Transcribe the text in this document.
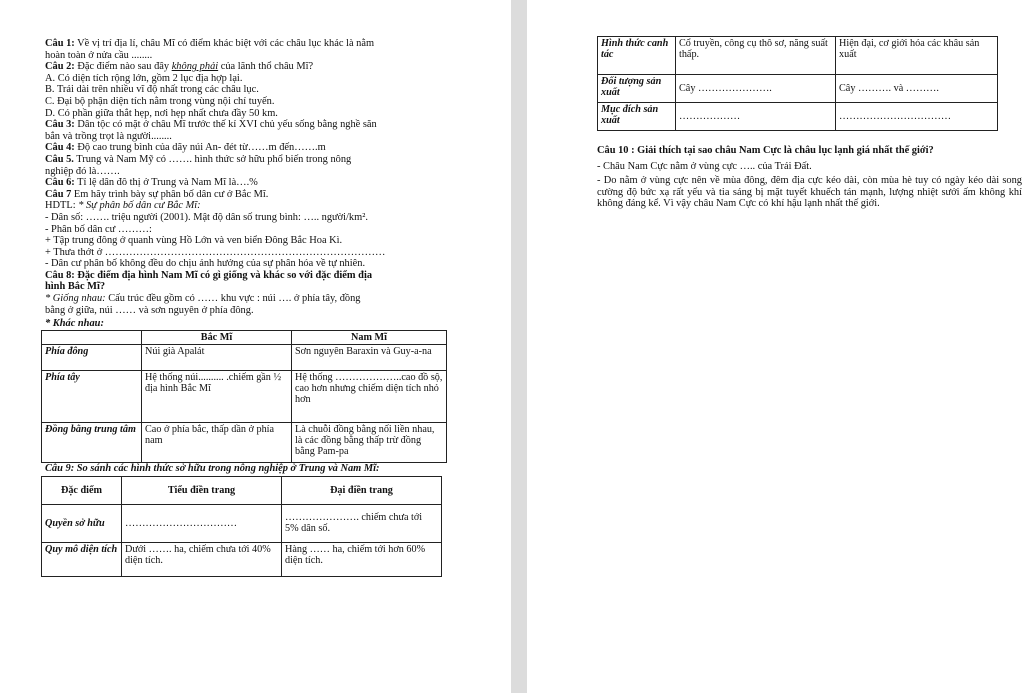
Câu 1: Về vị trí địa lí, châu Mĩ có điểm khác biệt với các châu lục khác là nằm
hoàn toàn ở nửa cầu ........
Câu 2: Đặc điểm nào sau đây không phải của lãnh thổ châu Mĩ?
A. Có diện tích rộng lớn, gồm 2 lục địa hợp lại.
B. Trải dài trên nhiều vĩ độ nhất trong các châu lục.
C. Đại bộ phận diện tích nằm trong vùng nội chí tuyến.
D. Có phần giữa thắt hẹp, nơi hẹp nhất chưa đầy 50 km.
Câu 3: Dân tộc có mặt ở châu Mĩ trước thế kỉ XVI chủ yếu sống bằng nghề săn
bắn và trồng trọt là người........
Câu 4: Độ cao trung bình của dãy núi An- đét từ……m đến…….m
Câu 5. Trung và Nam Mỹ có ……. hình thức sở hữu phổ biến trong nông
nghiệp đó là…….
Câu 6: Tỉ lệ dân đô thị ở Trung và Nam Mĩ là….%
Câu 7 Em hãy trình bày sự phân bố dân cư ở Bắc Mĩ.
HDTL: * Sự phân bố dân cư Bắc Mĩ:
- Dân số: ……. triệu người (2001). Mật độ dân số trung bình: ….. người/km².
- Phân bố dân cư ………:
+ Tập trung đông ở quanh vùng Hồ Lớn và ven biển Đông Bắc Hoa Kì.
+ Thưa thớt ở ………………………………………………………………………
- Dân cư phân bố không đều do chịu ảnh hưởng của sự phân hóa về tự nhiên.
Câu 8: Đặc điểm địa hình Nam Mĩ có gì giống và khác so với đặc điểm địa
hình Bắc Mĩ?
* Giống nhau: Cấu trúc đều gồm có …… khu vực : núi …. ở phía tây, đồng
bằng ở giữa, núi …… và sơn nguyên ở phía đông.
* Khác nhau:
	Bắc Mĩ	Nam Mĩ
Phía đông	Núi già Apalát	Sơn nguyên Baraxin và Guy-a-na
Phía tây	Hệ thống núi.......... .chiếm gần ½ địa hình Bắc Mĩ	Hệ thống ………………..cao đồ sộ, cao hơn nhưng chiếm diện tích nhỏ hơn
Đồng bằng trung tâm	Cao ở phía bắc, thấp dần ở phía nam	Là chuỗi đồng bằng nối liền nhau, là các đồng bằng thấp trừ đồng bằng Pam-pa
Câu 9: So sánh các hình thức sở hữu trong nông nghiệp ở Trung và Nam Mĩ:
Đặc điểm	Tiểu điền trang	Đại điền trang
Quyền sở hữu	……………………………	…………………. chiếm chưa tới 5% dân số.
Quy mô diện tích	Dưới ……. ha, chiếm chưa tới 40% diện tích.	Hàng …… ha, chiếm tới hơn 60% diện tích.
Hình thức canh tác	Cổ truyền, công cụ thô sơ, năng suất thấp.	Hiện đại, cơ giới hóa các khâu sản xuất
Đối tượng sản xuất	Cây ………………….	Cây ………. và ……….
Mục đích sản xuất	………………	……………………………
Câu 10 : Giải thích tại sao châu Nam Cực là châu lục lạnh giá nhất thế giới?
- Châu Nam Cực nằm ở vùng cực ….. của Trái Đất.
- Do nằm ở vùng cực nên về mùa đông, đêm địa cực kéo dài, còn mùa hè tuy có ngày kéo dài song cường độ bức xạ rất yếu và tia sáng bị mặt tuyết khuếch tán mạnh, lượng nhiệt sưởi ấm không khí không đáng kể. Vì vậy châu Nam Cực có khí hậu lạnh nhất thế giới.
